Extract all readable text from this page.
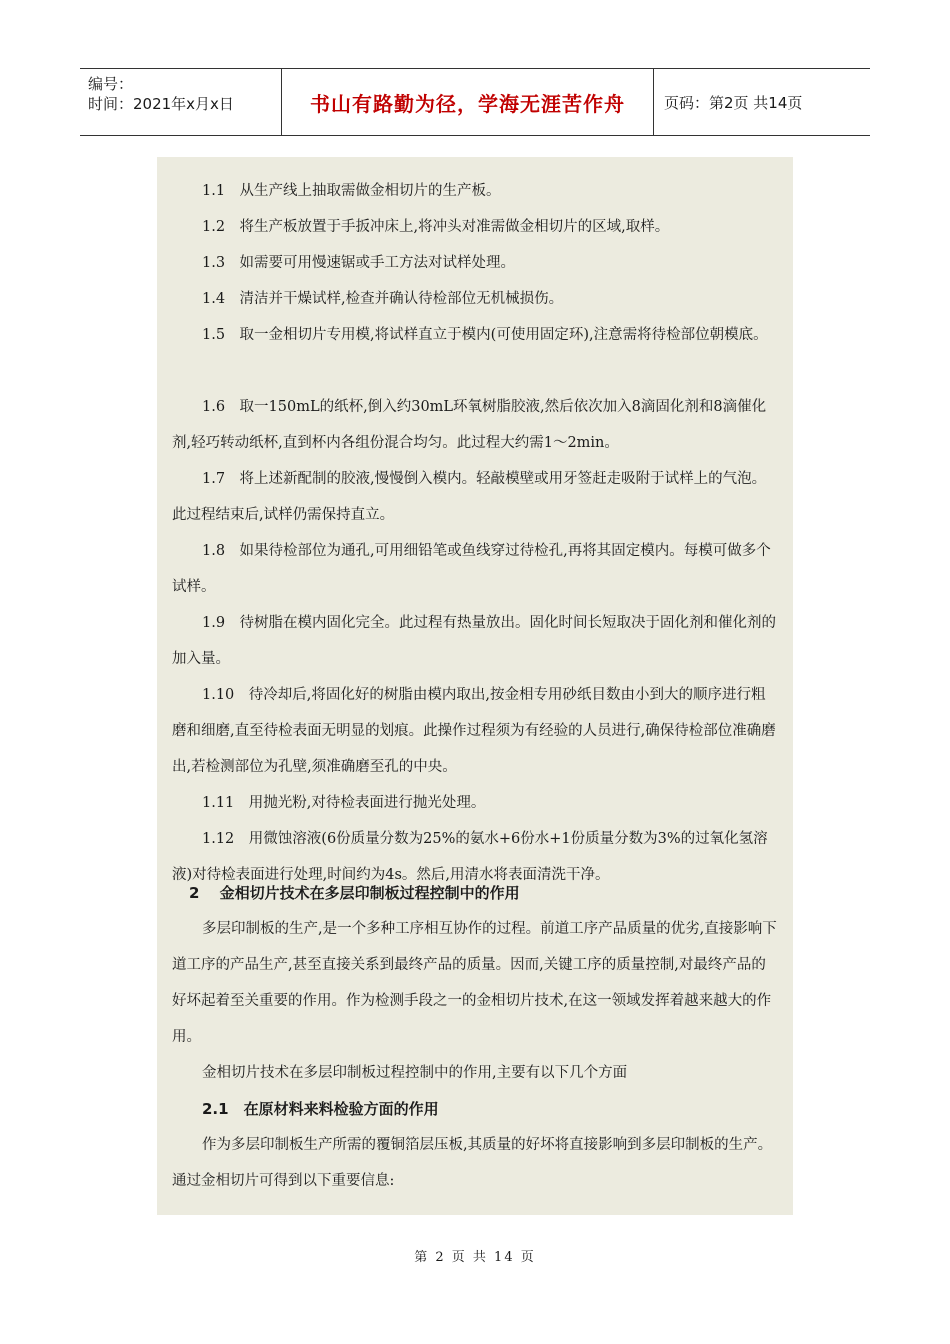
编号：
时间：2021年x月x日	书山有路勤为径，学海无涯苦作舟	页码：第2页 共14页

1.1　从生产线上抽取需做金相切片的生产板。

1.2　将生产板放置于手扳冲床上,将冲头对准需做金相切片的区域,取样。

1.3　如需要可用慢速锯或手工方法对试样处理。

1.4　清洁并干燥试样,检查并确认待检部位无机械损伤。

1.5　取一金相切片专用模,将试样直立于模内(可使用固定环),注意需将待检部位朝模底。

1.6　取一150mL的纸杯,倒入约30mL环氧树脂胶液,然后依次加入8滴固化剂和8滴催化剂,轻巧转动纸杯,直到杯内各组份混合均匀。此过程大约需1～2min。

1.7　将上述新配制的胶液,慢慢倒入模内。轻敲模壁或用牙签赶走吸附于试样上的气泡。此过程结束后,试样仍需保持直立。

1.8　如果待检部位为通孔,可用细铅笔或鱼线穿过待检孔,再将其固定模内。每模可做多个试样。

1.9　待树脂在模内固化完全。此过程有热量放出。固化时间长短取决于固化剂和催化剂的加入量。

1.10　待冷却后,将固化好的树脂由模内取出,按金相专用砂纸目数由小到大的顺序进行粗磨和细磨,直至待检表面无明显的划痕。此操作过程须为有经验的人员进行,确保待检部位准确磨出,若检测部位为孔壁,须准确磨至孔的中央。

1.11　用抛光粉,对待检表面进行抛光处理。

1.12　用微蚀溶液(6份质量分数为25%的氨水+6份水+1份质量分数为3%的过氧化氢溶液)对待检表面进行处理,时间约为4s。然后,用清水将表面清洗干净。

2　 金相切片技术在多层印制板过程控制中的作用

多层印制板的生产,是一个多种工序相互协作的过程。前道工序产品质量的优劣,直接影响下道工序的产品生产,甚至直接关系到最终产品的质量。因而,关键工序的质量控制,对最终产品的好坏起着至关重要的作用。作为检测手段之一的金相切片技术,在这一领域发挥着越来越大的作用。

金相切片技术在多层印制板过程控制中的作用,主要有以下几个方面

2.1　在原材料来料检验方面的作用

作为多层印制板生产所需的覆铜箔层压板,其质量的好坏将直接影响到多层印制板的生产。通过金相切片可得到以下重要信息:

第 2 页 共 14 页
